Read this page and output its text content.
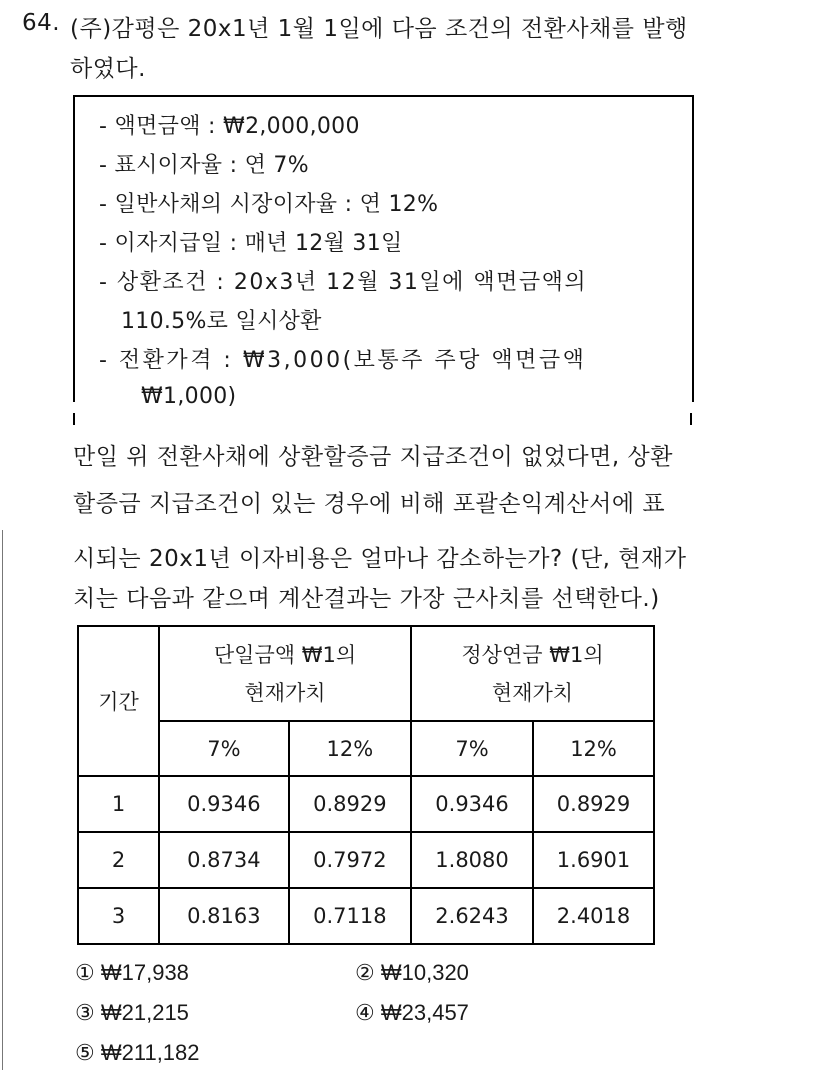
64. (주)감평은 20x1년 1월 1일에 다음 조건의 전환사채를 발행
하였다.
- 액면금액 : ₩2,000,000
- 표시이자율 : 연 7%
- 일반사채의 시장이자율 : 연 12%
- 이자지급일 : 매년 12월 31일
- 상환조건 : 20x3년 12월 31일에 액면금액의
110.5%로 일시상환
- 전환가격 : ₩3,000(보통주 주당 액면금액
₩1,000)
만일 위 전환사채에 상환할증금 지급조건이 없었다면, 상환
할증금 지급조건이 있는 경우에 비해 포괄손익계산서에 표
시되는 20x1년 이자비용은 얼마나 감소하는가? (단, 현재가
치는 다음과 같으며 계산결과는 가장 근사치를 선택한다.)
기간	
단일금액 ₩1의
현재가치

정상연금 ₩1의
현재가치

	7%	12%	7%	12%
1	0.9346	0.8929	0.9346	0.8929
2	0.8734	0.7972	1.8080	1.6901
3	0.8163	0.7118	2.6243	2.4018
① ₩17,938	② ₩10,320
③ ₩21,215	④ ₩23,457
⑤ ₩211,182
